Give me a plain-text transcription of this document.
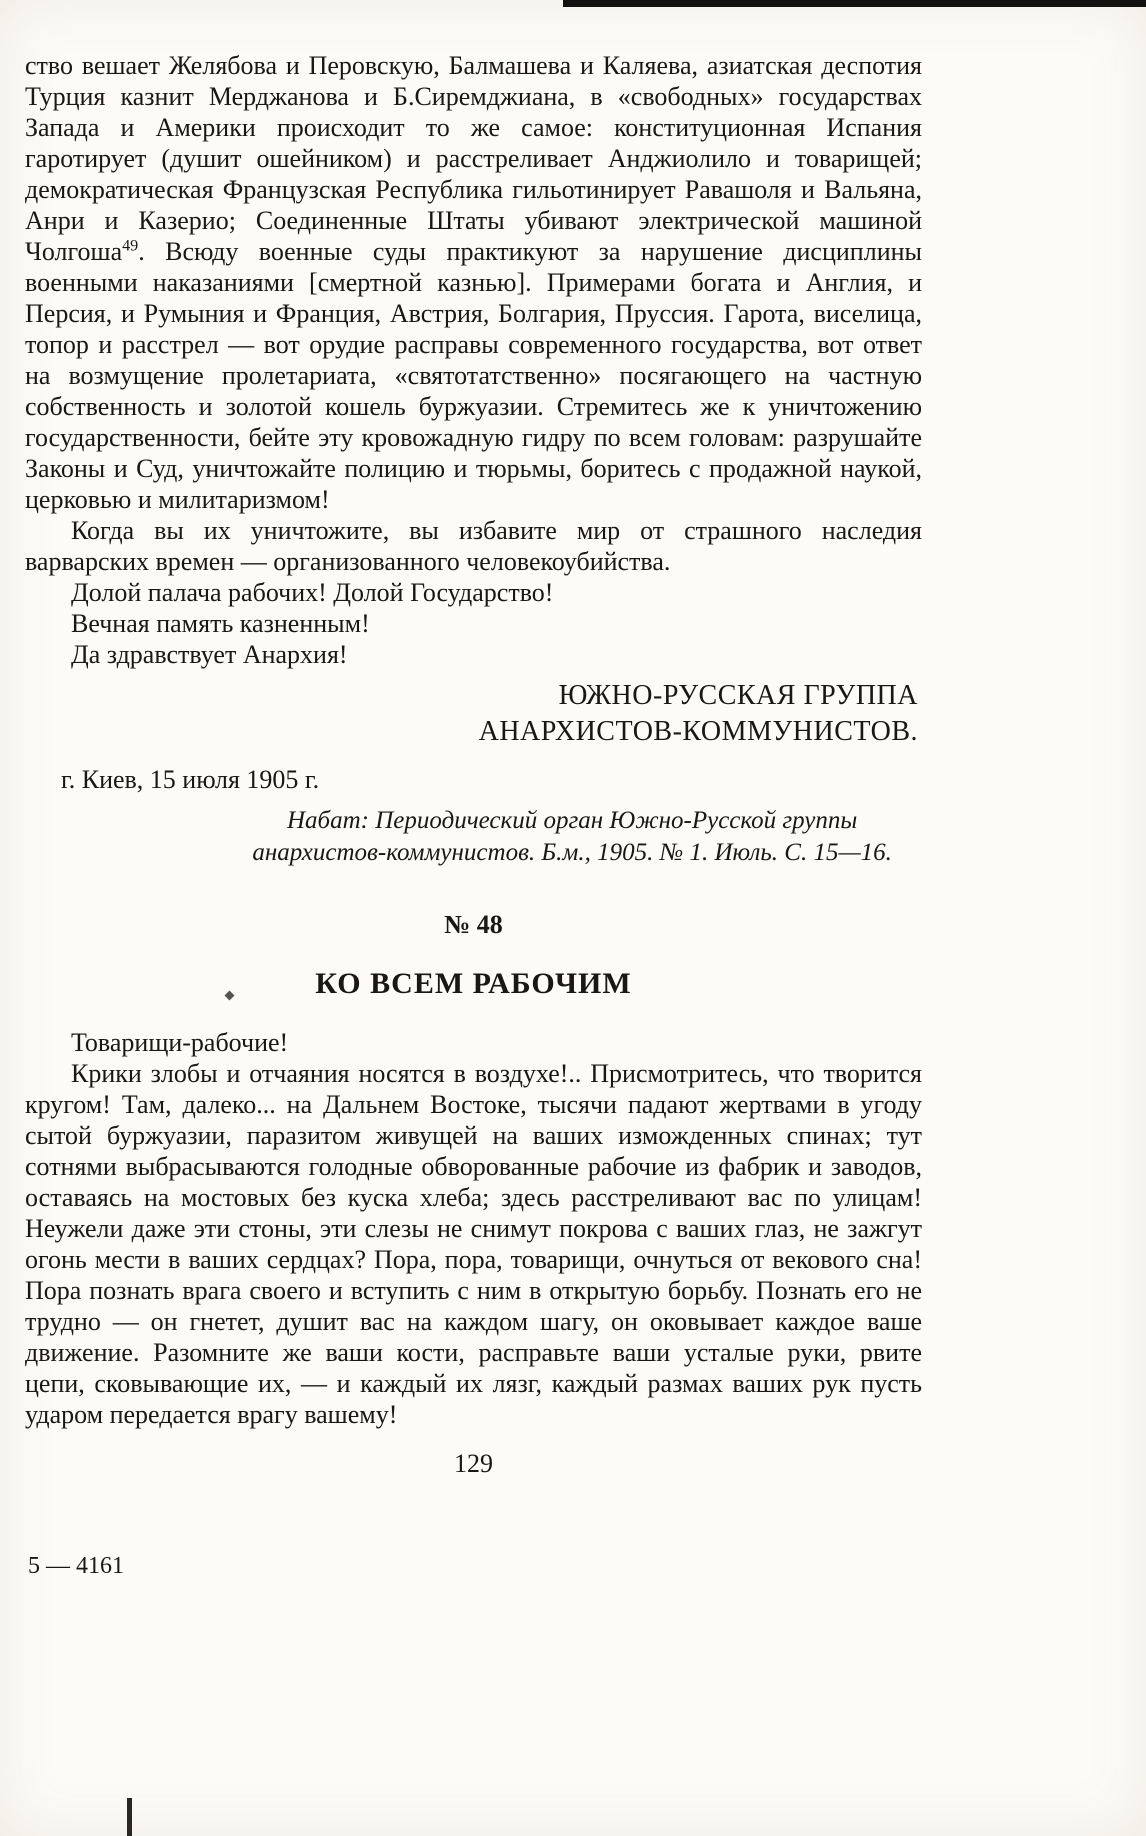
ство вешает Желябова и Перовскую, Балмашева и Каляева, азиатская деспотия Турция казнит Мерджанова и Б.Сиремджиана, в «свободных» государствах Запада и Америки происходит то же самое: конституционная Испания гаротирует (душит ошейником) и расстреливает Анджиолило и товарищей; демократическая Французская Республика гильотинирует Равашоля и Вальяна, Анри и Казерио; Соединенные Штаты убивают электрической машиной Чолгоша$^{49}$. Всюду военные суды практикуют за нарушение дисциплины военными наказаниями [смертной казнью]. Примерами богата и Англия, и Персия, и Румыния и Франция, Австрия, Болгария, Пруссия. Гарота, виселица, топор и расстрел — вот орудие расправы современного государства, вот ответ на возмущение пролетариата, «святотатственно» посягающего на частную собственность и золотой кошель буржуазии. Стремитесь же к уничтожению государственности, бейте эту кровожадную гидру по всем головам: разрушайте Законы и Суд, уничтожайте полицию и тюрьмы, боритесь с продажной наукой, церковью и милитаризмом!

Когда вы их уничтожите, вы избавите мир от страшного наследия варварских времен — организованного человекоубийства.

Долой палача рабочих! Долой Государство!

Вечная память казненным!

Да здравствует Анархия!

ЮЖНО-РУССКАЯ ГРУППА
АНАРХИСТОВ-КОММУНИСТОВ.

г. Киев, 15 июля 1905 г.

Набат: Периодический орган Южно-Русской группы анархистов-коммунистов. Б.м., 1905. № 1. Июль. С. 15—16.

№ 48
КО ВСЕМ РАБОЧИМ

Товарищи-рабочие!

Крики злобы и отчаяния носятся в воздухе!.. Присмотритесь, что творится кругом! Там, далеко... на Дальнем Востоке, тысячи падают жертвами в угоду сытой буржуазии, паразитом живущей на ваших изможденных спинах; тут сотнями выбрасываются голодные обворованные рабочие из фабрик и заводов, оставаясь на мостовых без куска хлеба; здесь расстреливают вас по улицам! Неужели даже эти стоны, эти слезы не снимут покрова с ваших глаз, не зажгут огонь мести в ваших сердцах? Пора, пора, товарищи, очнуться от векового сна! Пора познать врага своего и вступить с ним в открытую борьбу. Познать его не трудно — он гнетет, душит вас на каждом шагу, он оковывает каждое ваше движение. Разомните же ваши кости, расправьте ваши усталые руки, рвите цепи, сковывающие их, — и каждый их лязг, каждый размах ваших рук пусть ударом передается врагу вашему!

129
5 — 4161
